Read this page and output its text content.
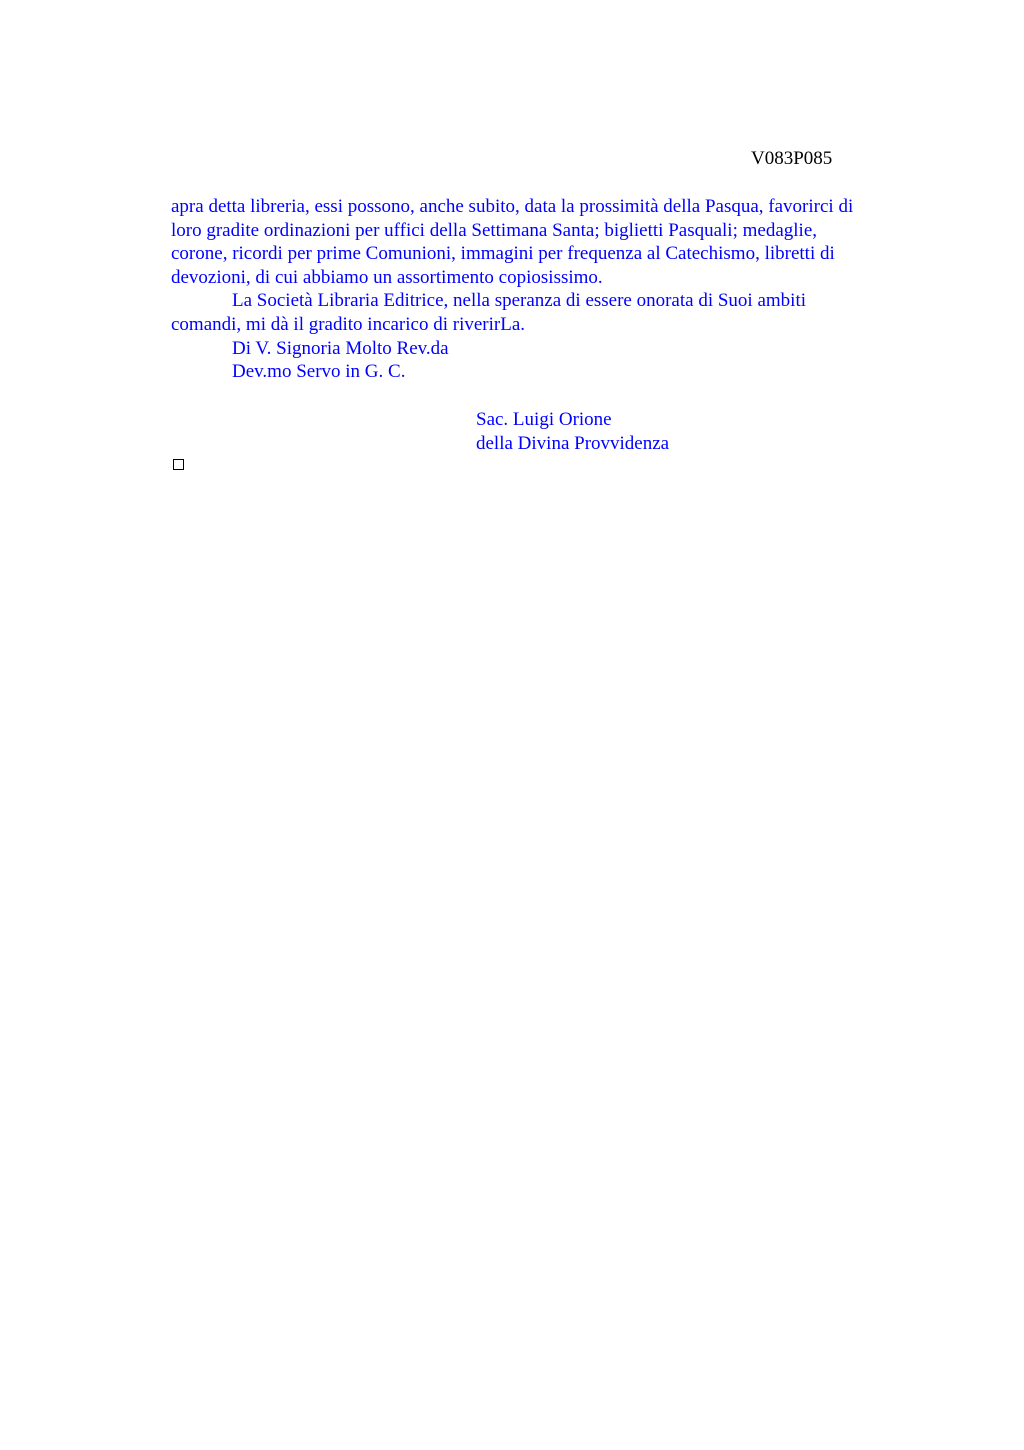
V083P085
apra detta libreria, essi possono, anche subito, data la prossimità della Pasqua, favorirci di
loro gradite ordinazioni per uffici della Settimana Santa; biglietti Pasquali; medaglie,
corone, ricordi per prime Comunioni, immagini per frequenza al Catechismo, libretti di
devozioni, di cui abbiamo un assortimento copiosissimo.
La Società Libraria Editrice, nella speranza di essere onorata di Suoi ambiti
comandi, mi dà il gradito incarico di riverirLa.
Di V. Signoria Molto Rev.da
Dev.mo Servo in G. C.
Sac. Luigi Orione
della Divina Provvidenza
